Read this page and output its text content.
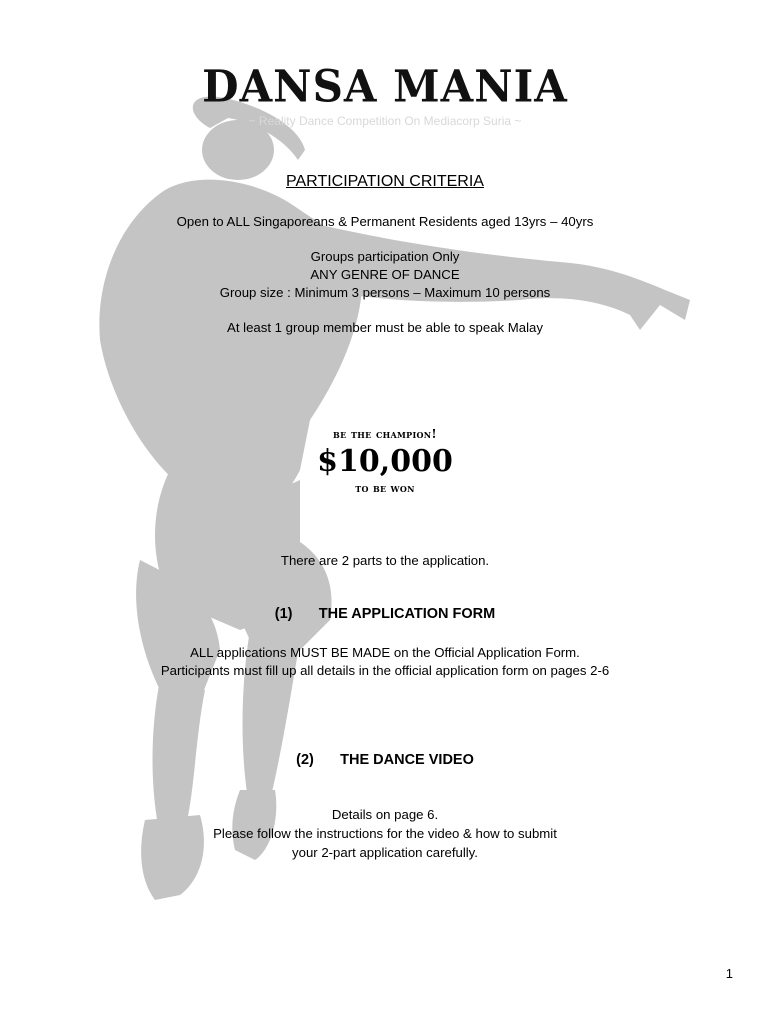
DANSA MANIA
~ Reality Dance Competition On Mediacorp Suria ~
PARTICIPATION CRITERIA
Open to ALL Singaporeans & Permanent Residents aged 13yrs – 40yrs
Groups participation Only
ANY GENRE OF DANCE
Group size : Minimum 3 persons – Maximum 10 persons
At least 1 group member must be able to speak Malay
be the champion!
$10,000
to be won
There are 2 parts to the application.
(1) THE APPLICATION FORM
ALL applications MUST BE MADE on the Official Application Form.
Participants must fill up all details in the official application form on pages 2-6
(2) THE DANCE VIDEO
Details on page 6.
Please follow the instructions for the video & how to submit
your 2-part application carefully.
1
